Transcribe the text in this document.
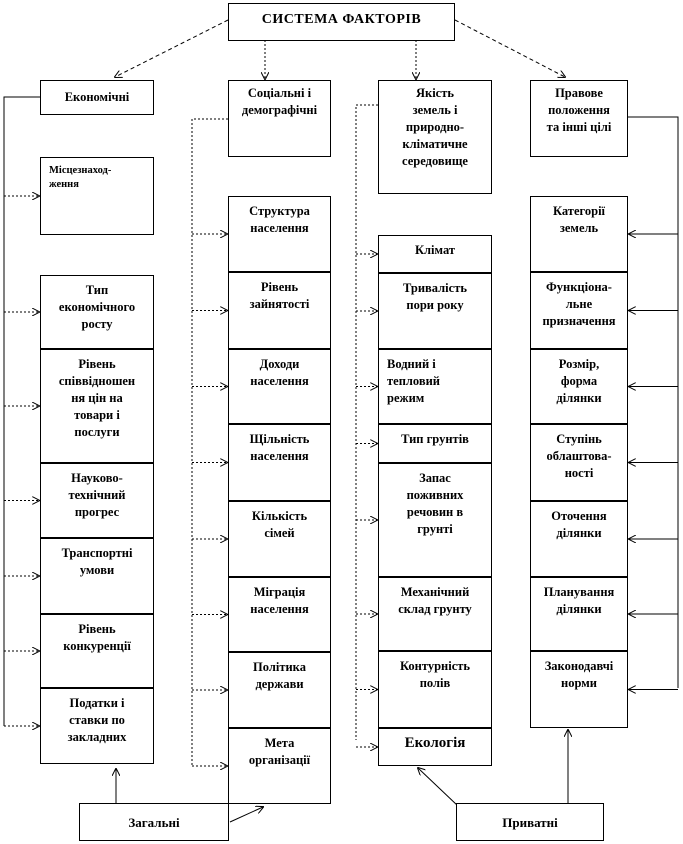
СИСТЕМА ФАКТОРІВ
Економічні	Соціальні і
демографічні
Якість
земель і
природно-
кліматичне
середовище
Правове
положення
та інші цілі
Загальні	Приватні
Місцезнаход-
ження
Тип
економічного
росту
Рівень
співвідношен
ня цін на
товари і
послуги
Науково-
технічний
прогрес
Транспортні
умови
Рівень
конкуренції
Податки і
ставки по
закладних
Структура
населення
Рівень
зайнятості
Доходи
населення
Щільність
населення
Кількість
сімей
Міграція
населення
Політика
держави
Мета
організації
Клімат
Тривалість
пори року
Водний і
тепловий
режим
Тип грунтів
Запас
поживних
речовин в
грунті
Механічний
склад грунту
Контурність
полів
Екологія
Категорії
земель
Функціона-
льне
призначення
Розмір,
форма
ділянки
Ступінь
облаштова-
ності
Оточення
ділянки
Планування
ділянки
Законодавчі
норми
